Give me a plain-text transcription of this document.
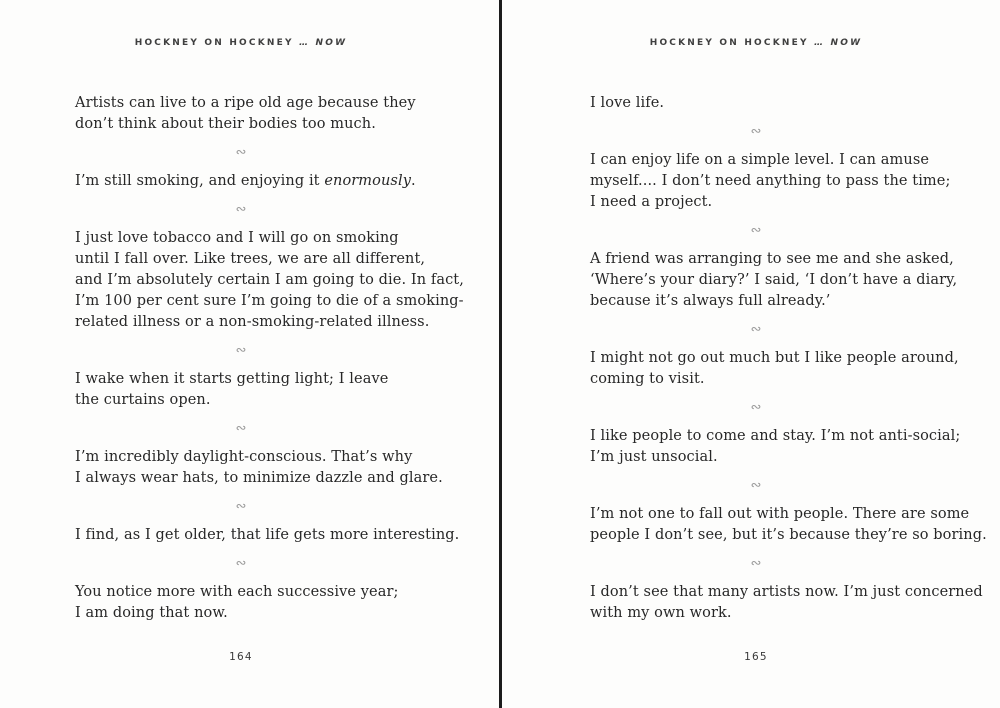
HOCKNEY ON HOCKNEY … NOW
Artists can live to a ripe old age because they
don’t think about their bodies too much.
∾
I’m still smoking, and enjoying it enormously.
∾
I just love tobacco and I will go on smoking
until I fall over. Like trees, we are all different,
and I’m absolutely certain I am going to die. In fact,
I’m 100 per cent sure I’m going to die of a smoking-
related illness or a non-smoking-related illness.
∾
I wake when it starts getting light; I leave
the curtains open.
∾
I’m incredibly daylight-conscious. That’s why
I always wear hats, to minimize dazzle and glare.
∾
I find, as I get older, that life gets more interesting.
∾
You notice more with each successive year;
I am doing that now.
164
HOCKNEY ON HOCKNEY … NOW
I love life.
∾
I can enjoy life on a simple level. I can amuse
myself.... I don’t need anything to pass the time;
I need a project.
∾
A friend was arranging to see me and she asked,
‘Where’s your diary?’ I said, ‘I don’t have a diary,
because it’s always full already.’
∾
I might not go out much but I like people around,
coming to visit.
∾
I like people to come and stay. I’m not anti-social;
I’m just unsocial.
∾
I’m not one to fall out with people. There are some
people I don’t see, but it’s because they’re so boring.
∾
I don’t see that many artists now. I’m just concerned
with my own work.
165
